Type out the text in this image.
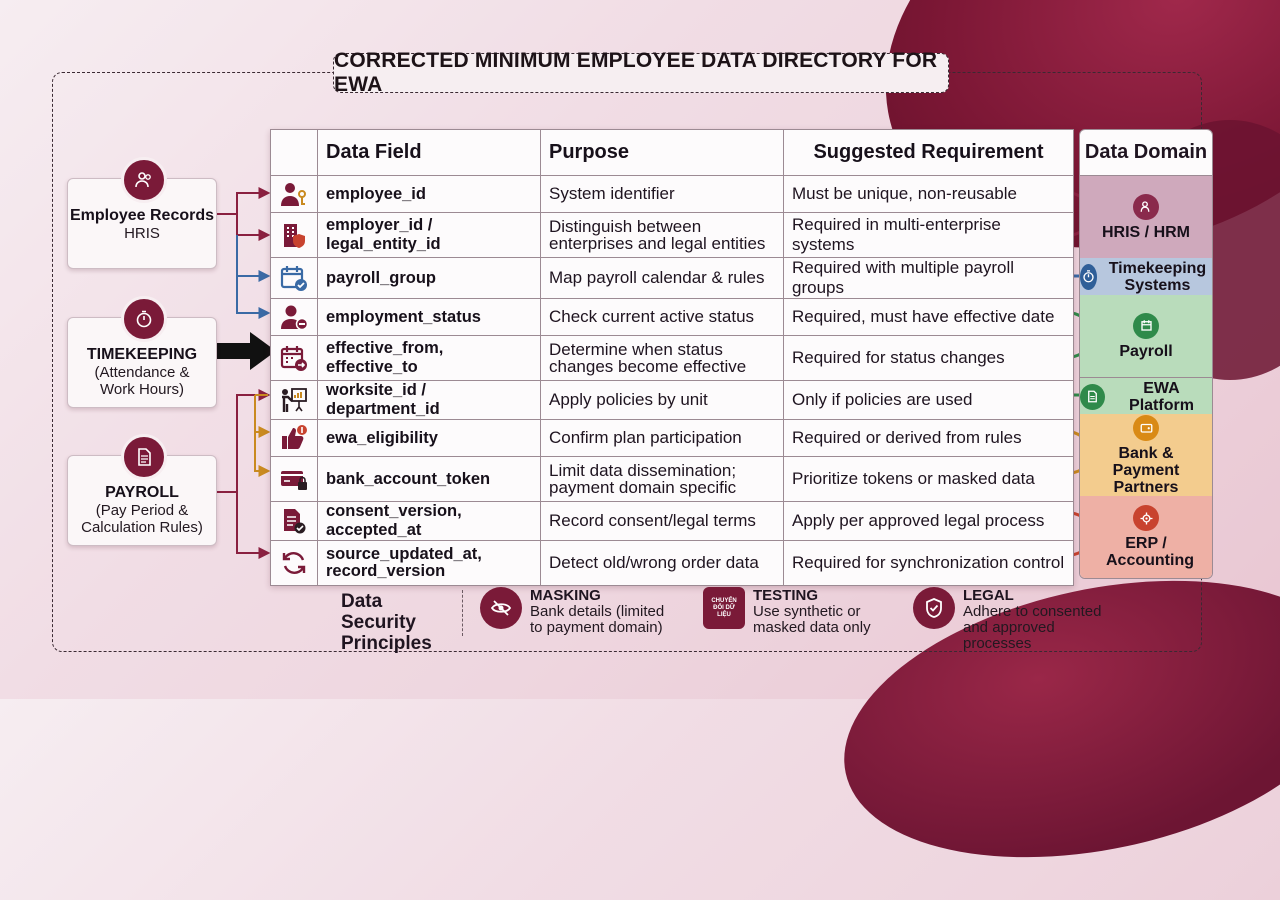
CORRECTED MINIMUM EMPLOYEE DATA DIRECTORY FOR EWA
Employee Records
HRIS
TIMEKEEPING
(Attendance & Work Hours)
PAYROLL
(Pay Period & Calculation Rules)
	Data Field	Purpose	Suggested Requirement

	employee_id	System identifier	Must be unique, non-reusable

	employer_id / legal_entity_id	Distinguish between enterprises and legal entities	Required in multi-enterprise systems

	payroll_group	Map payroll calendar & rules	Required with multiple payroll groups

	employment_status	Check current active status	Required, must have effective date

	effective_from, effective_to	Determine when status changes become effective	Required for status changes

	worksite_id / department_id	Apply policies by unit	Only if policies are used

	ewa_eligibility	Confirm plan participation	Required or derived from rules

	bank_account_token	Limit data dissemination; payment domain specific	Prioritize tokens or masked data

	consent_version, accepted_at	Record consent/legal terms	Apply per approved legal process

	source_updated_at, record_version	Detect old/wrong order data	Required for synchronization control
Data Domain
HRIS / HRM
Timekeeping Systems
Payroll
EWA Platform
Bank & Payment Partners
ERP / Accounting
Data Security Principles
MASKING
Bank details (limited to payment domain)
CHUYỂN ĐỔI DỮ LIỆU
TESTING
Use synthetic or masked data only
LEGAL
Adhere to consented and approved processes
